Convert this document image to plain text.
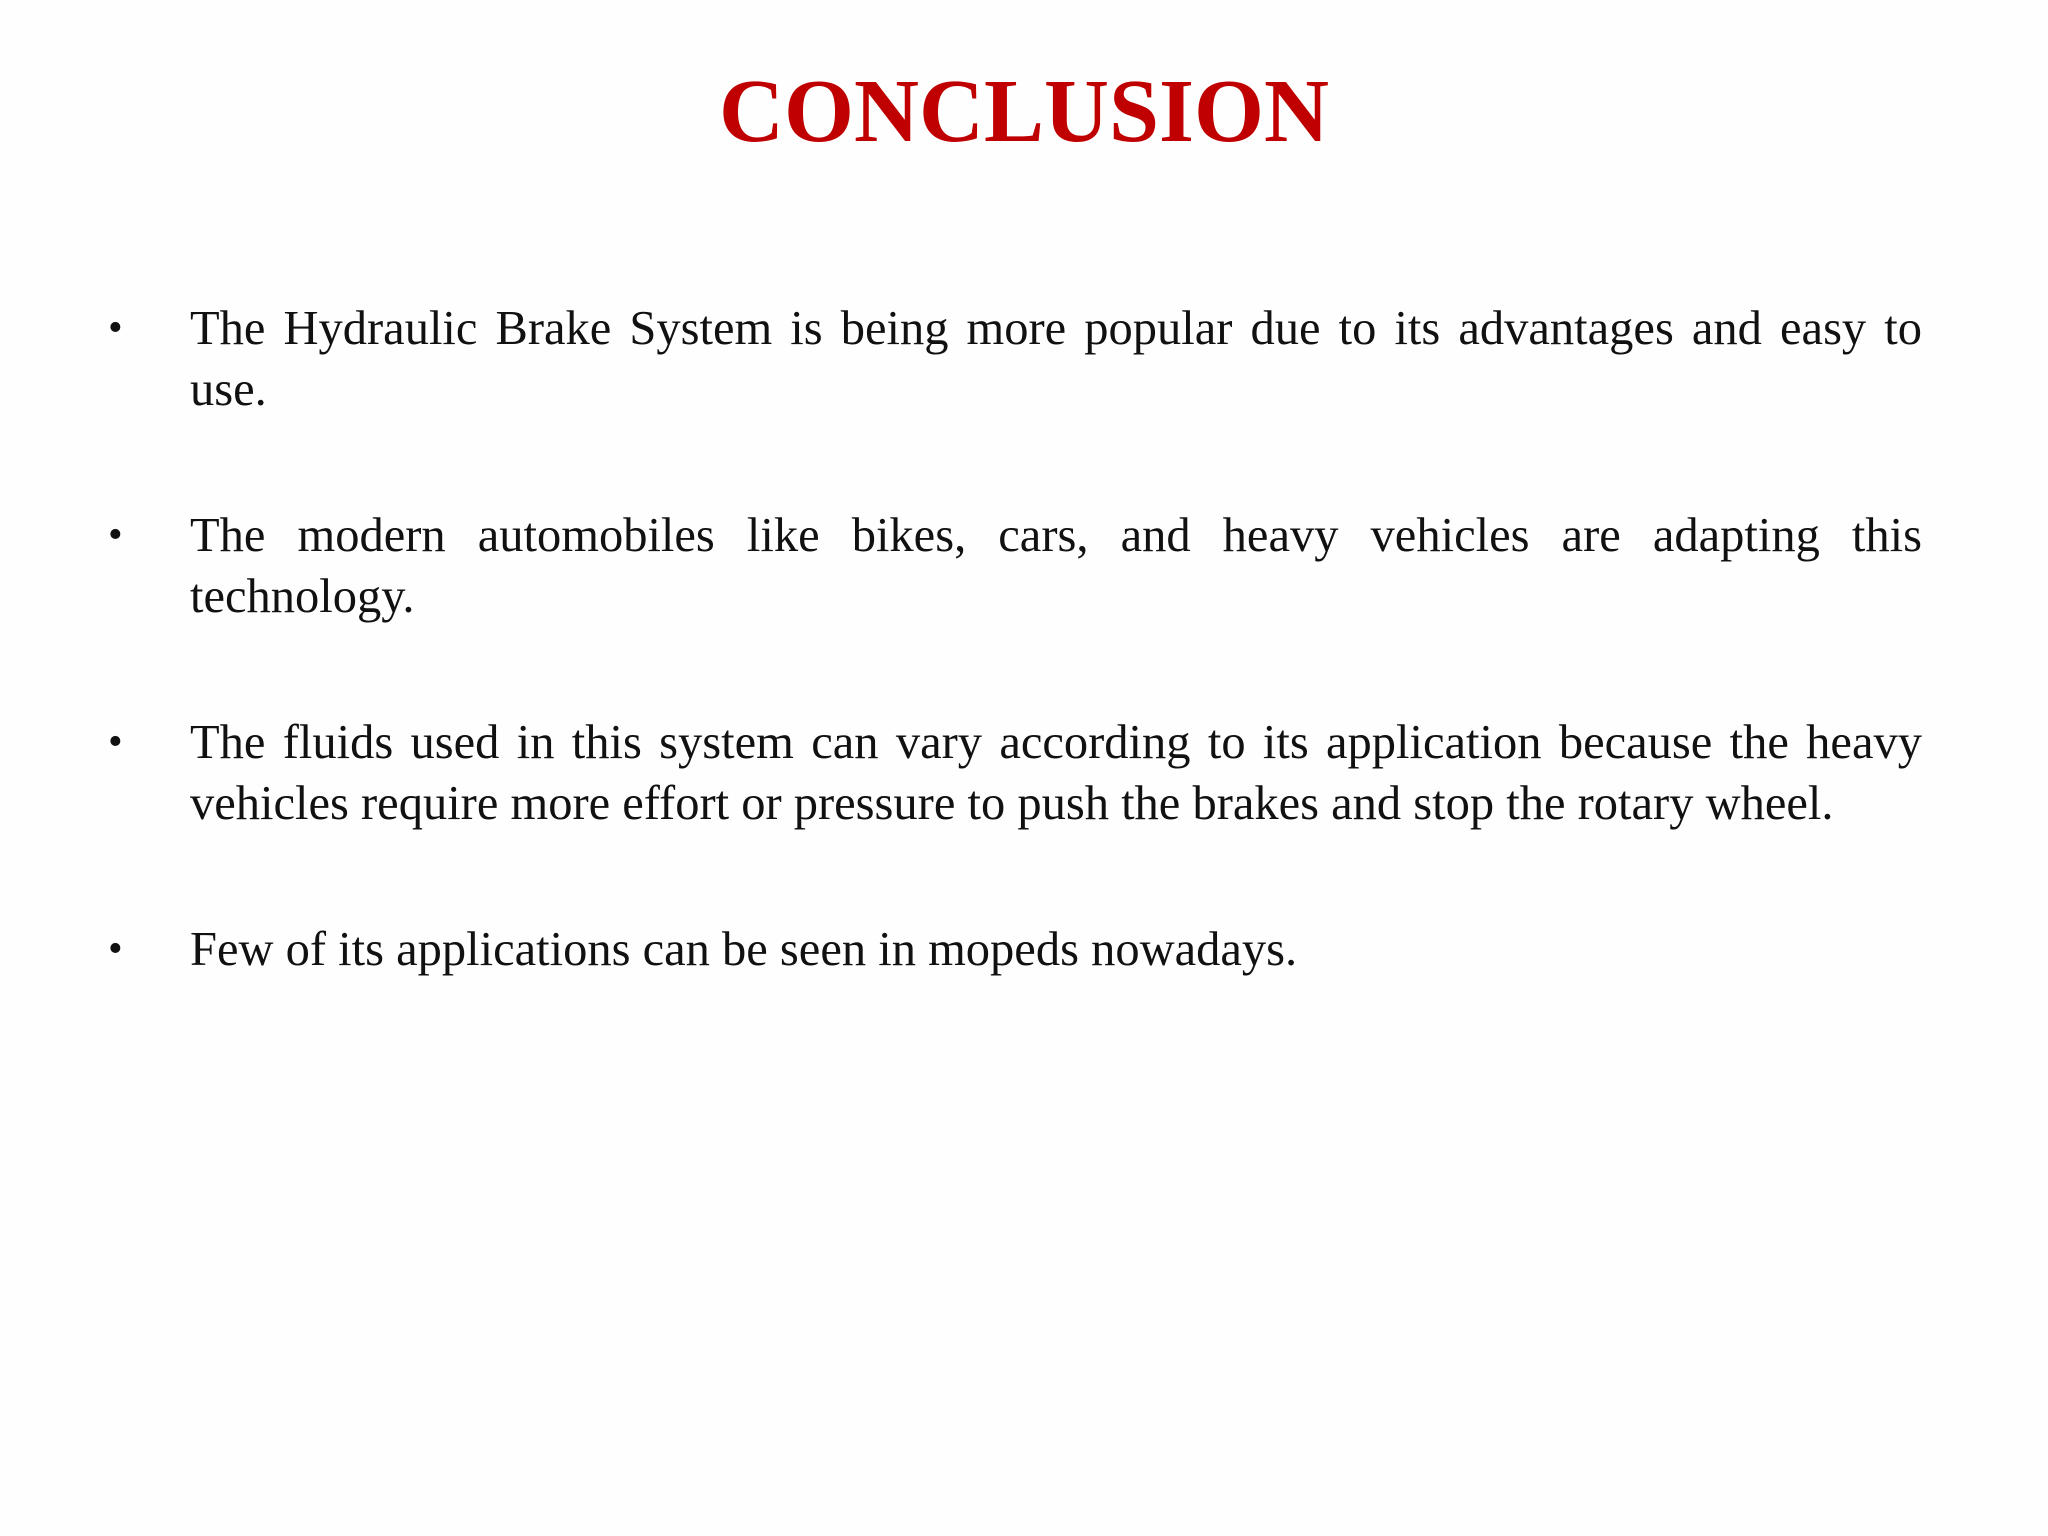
CONCLUSION
•	The Hydraulic Brake System is being more popular due to its advantages and easy to use.
•	The modern automobiles like bikes, cars, and heavy vehicles are adapting this technology.
•	The fluids used in this system can vary according to its application because the heavy vehicles require more effort or pressure to push the brakes and stop the rotary wheel.
•	Few of its applications can be seen in mopeds nowadays.
